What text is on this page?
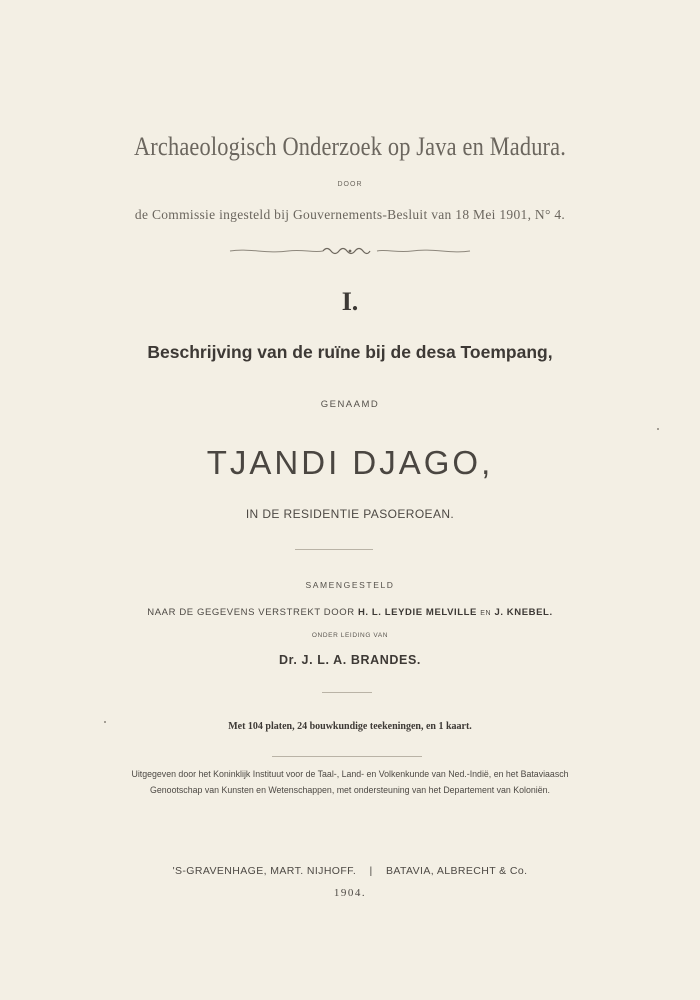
Archaeologisch Onderzoek op Java en Madura.
DOOR
de Commissie ingesteld bij Gouvernements-Besluit van 18 Mei 1901, N° 4.
I.
Beschrijving van de ruïne bij de desa Toempang,
GENAAMD
TJANDI DJAGO,
IN DE RESIDENTIE PASOEROEAN.
SAMENGESTELD
NAAR DE GEGEVENS VERSTREKT DOOR H. L. LEYDIE MELVILLE EN J. KNEBEL.
ONDER LEIDING VAN
Dr. J. L. A. BRANDES.
Met 104 platen, 24 bouwkundige teekeningen, en 1 kaart.
Uitgegeven door het Koninklijk Instituut voor de Taal-, Land- en Volkenkunde van Ned.-Indië, en het Bataviaasch
Genootschap van Kunsten en Wetenschappen, met ondersteuning van het Departement van Koloniën.
'S-GRAVENHAGE, MART. NIJHOFF. | BATAVIA, ALBRECHT & Co.
1904.
